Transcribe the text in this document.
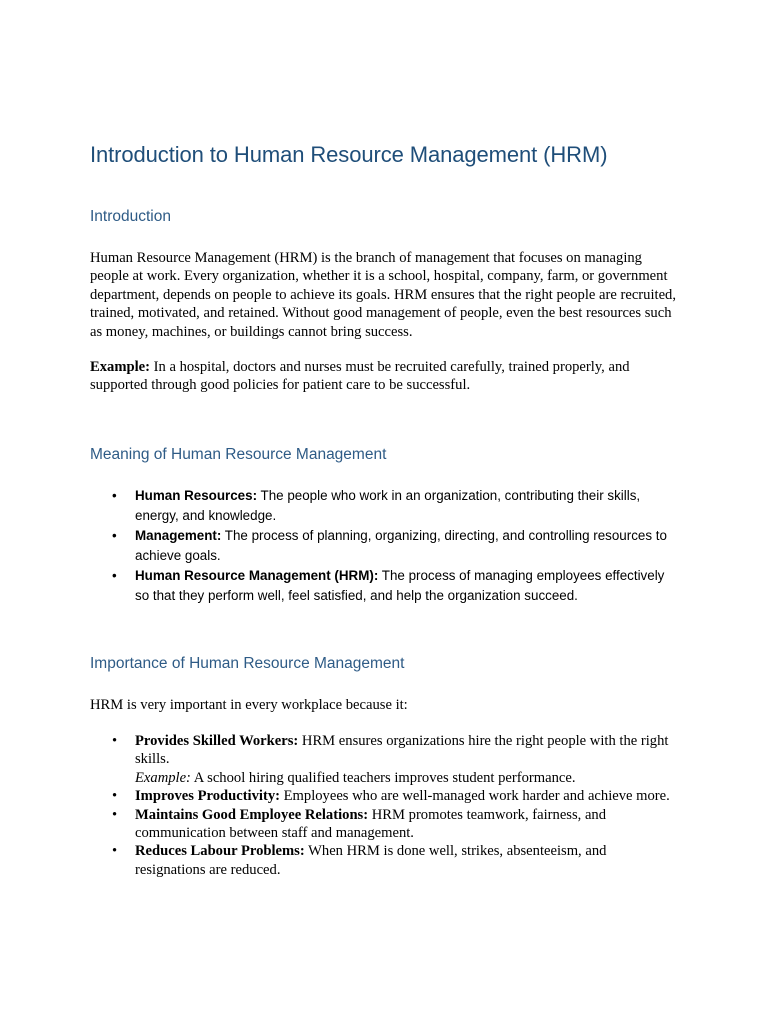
Introduction to Human Resource Management (HRM)
Introduction

Human Resource Management (HRM) is the branch of management that focuses on managing people at work. Every organization, whether it is a school, hospital, company, farm, or government department, depends on people to achieve its goals. HRM ensures that the right people are recruited, trained, motivated, and retained. Without good management of people, even the best resources such as money, machines, or buildings cannot bring success.

Example: In a hospital, doctors and nurses must be recruited carefully, trained properly, and supported through good policies for patient care to be successful.

Meaning of Human Resource Management
• Human Resources: The people who work in an organization, contributing their skills, energy, and knowledge.
• Management: The process of planning, organizing, directing, and controlling resources to achieve goals.
• Human Resource Management (HRM): The process of managing employees effectively so that they perform well, feel satisfied, and help the organization succeed.
Importance of Human Resource Management

HRM is very important in every workplace because it:

• Provides Skilled Workers: HRM ensures organizations hire the right people with the right skills.
Example: A school hiring qualified teachers improves student performance.
• Improves Productivity: Employees who are well-managed work harder and achieve more.
• Maintains Good Employee Relations: HRM promotes teamwork, fairness, and communication between staff and management.
• Reduces Labour Problems: When HRM is done well, strikes, absenteeism, and resignations are reduced.
